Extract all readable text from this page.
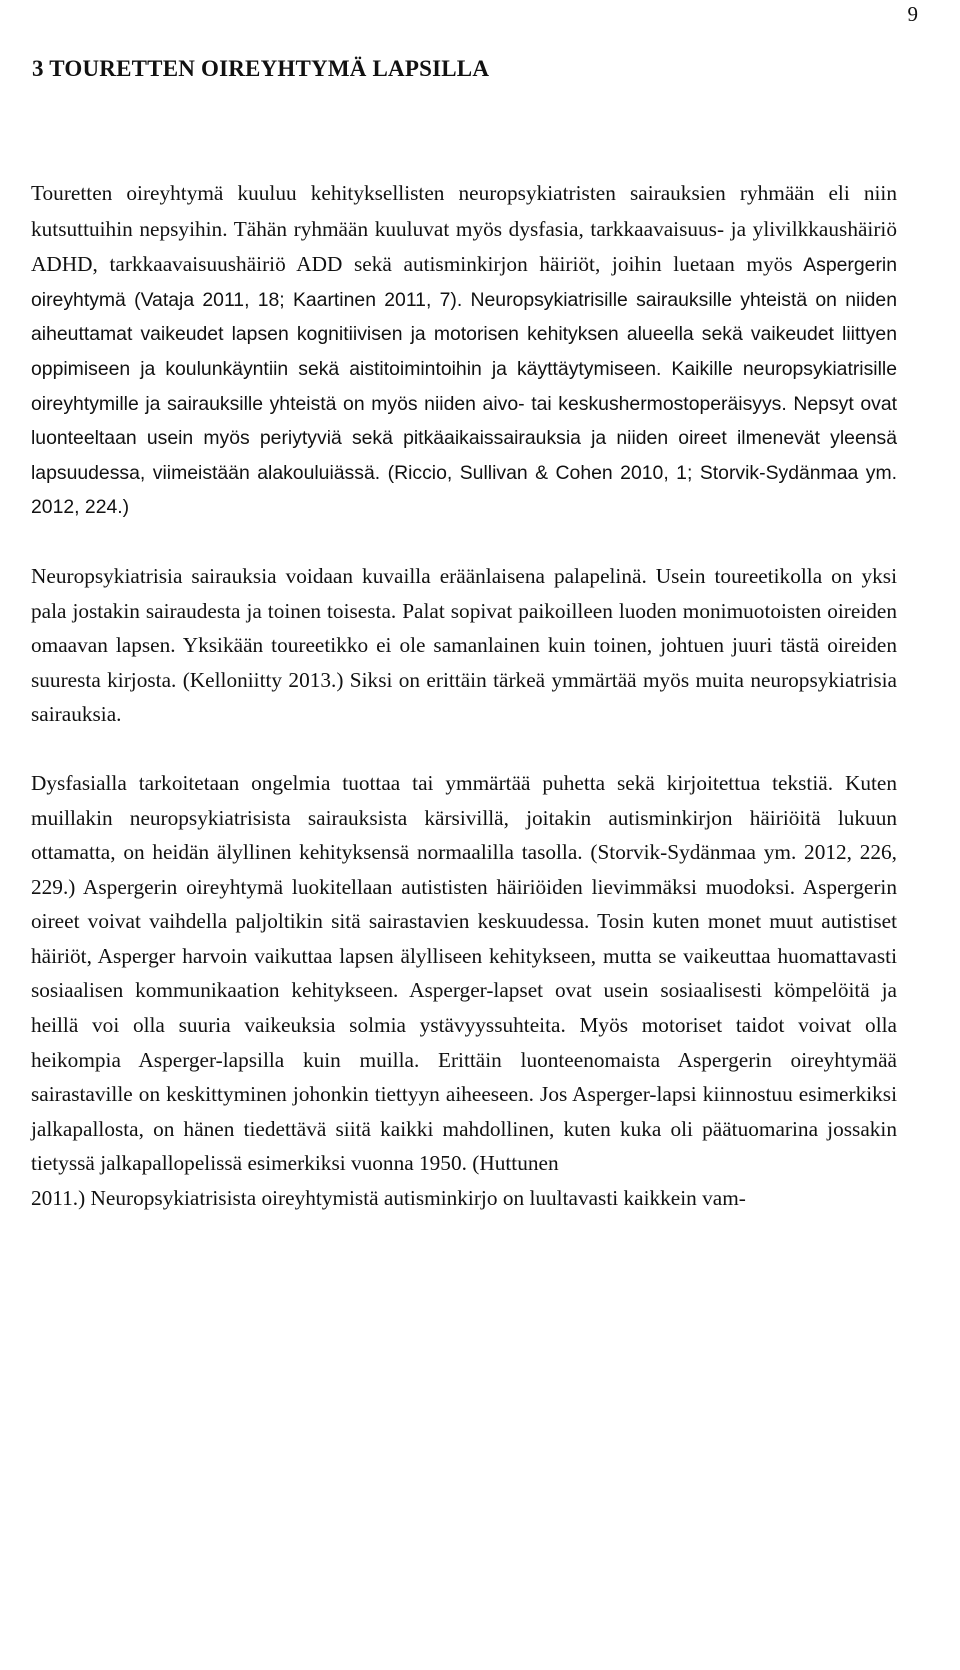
9
3 TOURETTEN OIREYHTYMÄ LAPSILLA

Touretten oireyhtymä kuuluu kehityksellisten neuropsykiatristen sairauksien ryhmään eli niin kutsuttuihin nepsyihin. Tähän ryhmään kuuluvat myös dysfasia, tarkkaavaisuus- ja ylivilkkaushäiriö ADHD, tarkkaavaisuushäiriö ADD sekä autisminkirjon häiriöt, joihin luetaan myös Aspergerin oireyhtymä (Vataja 2011, 18; Kaartinen 2011, 7). Neuropsykiatrisille sairauksille yhteistä on niiden aiheuttamat vaikeudet lapsen kognitiivisen ja motorisen kehityksen alueella sekä vaikeudet liittyen oppimiseen ja koulunkäyntiin sekä aistitoimintoihin ja käyttäytymiseen. Kaikille neuropsykiatrisille oireyhtymille ja sairauksille yhteistä on myös niiden aivo- tai keskushermostoperäisyys. Nepsyt ovat luonteeltaan usein myös periytyviä sekä pitkäaikaissairauksia ja niiden oireet ilmenevät yleensä lapsuudessa, viimeistään alakouluiässä. (Riccio, Sullivan & Cohen 2010, 1; Storvik-Sydänmaa ym. 2012, 224.)

Neuropsykiatrisia sairauksia voidaan kuvailla eräänlaisena palapelinä. Usein toureetikolla on yksi pala jostakin sairaudesta ja toinen toisesta. Palat sopivat paikoilleen luoden monimuotoisten oireiden omaavan lapsen. Yksikään toureetikko ei ole samanlainen kuin toinen, johtuen juuri tästä oireiden suuresta kirjosta. (Kelloniitty 2013.) Siksi on erittäin tärkeä ymmärtää myös muita neuropsykiatrisia sairauksia.

Dysfasialla tarkoitetaan ongelmia tuottaa tai ymmärtää puhetta sekä kirjoitettua tekstiä. Kuten muillakin neuropsykiatrisista sairauksista kärsivillä, joitakin autisminkirjon häiriöitä lukuun ottamatta, on heidän älyllinen kehityksensä normaalilla tasolla. (Storvik-Sydänmaa ym. 2012, 226, 229.) Aspergerin oireyhtymä luokitellaan autististen häiriöiden lievimmäksi muodoksi. Aspergerin oireet voivat vaihdella paljoltikin sitä sairastavien keskuudessa. Tosin kuten monet muut autistiset häiriöt, Asperger harvoin vaikuttaa lapsen älylliseen kehitykseen, mutta se vaikeuttaa huomattavasti sosiaalisen kommunikaation kehitykseen. Asperger-lapset ovat usein sosiaalisesti kömpelöitä ja heillä voi olla suuria vaikeuksia solmia ystävyyssuhteita. Myös motoriset taidot voivat olla heikompia Asperger-lapsilla kuin muilla. Erittäin luonteenomaista Aspergerin oireyhtymää sairastaville on keskittyminen johonkin tiettyyn aiheeseen. Jos Asperger-lapsi kiinnostuu esimerkiksi jalkapallosta, on hänen tiedettävä siitä kaikki mahdollinen, kuten kuka oli päätuomarina jossakin tietyssä jalkapallopelissä esimerkiksi vuonna 1950. (Huttunen

2011.) Neuropsykiatrisista oireyhtymistä autisminkirjo on luultavasti kaikkein vam-
